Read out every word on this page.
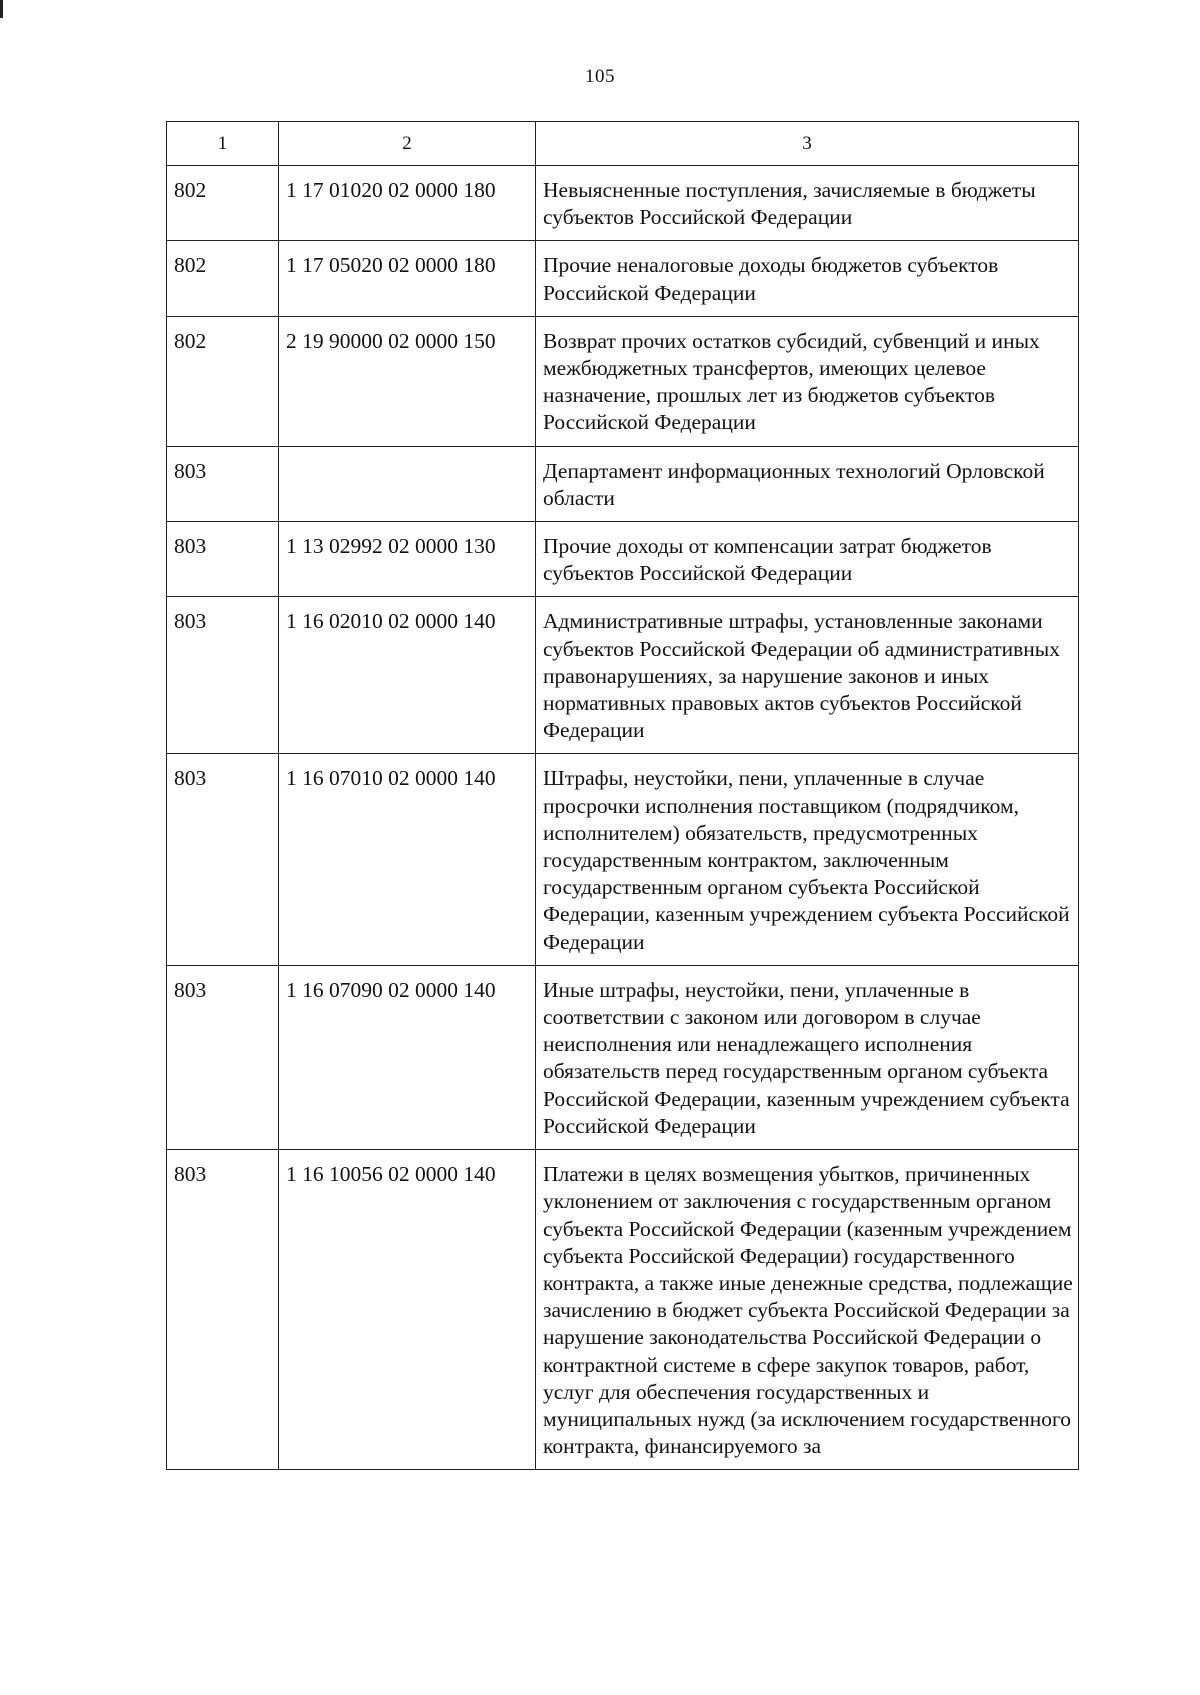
105
1	2	3
802	1 17 01020 02 0000 180	Невыясненные поступления, зачисляемые в бюджеты субъектов Российской Федерации
802	1 17 05020 02 0000 180	Прочие неналоговые доходы бюджетов субъектов Российской Федерации
802	2 19 90000 02 0000 150	Возврат прочих остатков субсидий, субвенций и иных межбюджетных трансфертов, имеющих целевое назначение, прошлых лет из бюджетов субъектов Российской Федерации
803		Департамент информационных технологий Орловской области
803	1 13 02992 02 0000 130	Прочие доходы от компенсации затрат бюджетов субъектов Российской Федерации
803	1 16 02010 02 0000 140	Административные штрафы, установленные законами субъектов Российской Федерации об административных правонарушениях, за нарушение законов и иных нормативных правовых актов субъектов Российской Федерации
803	1 16 07010 02 0000 140	Штрафы, неустойки, пени, уплаченные в случае просрочки исполнения поставщиком (подрядчиком, исполнителем) обязательств, предусмотренных государственным контрактом, заключенным государственным органом субъекта Российской Федерации, казенным учреждением субъекта Российской Федерации
803	1 16 07090 02 0000 140	Иные штрафы, неустойки, пени, уплаченные в соответствии с законом или договором в случае неисполнения или ненадлежащего исполнения обязательств перед государственным органом субъекта Российской Федерации, казенным учреждением субъекта Российской Федерации
803	1 16 10056 02 0000 140	Платежи в целях возмещения убытков, причиненных уклонением от заключения с государственным органом субъекта Российской Федерации (казенным учреждением субъекта Российской Федерации) государственного контракта, а также иные денежные средства, подлежащие зачислению в бюджет субъекта Российской Федерации за нарушение законодательства Российской Федерации о контрактной системе в сфере закупок товаров, работ, услуг для обеспечения государственных и муниципальных нужд (за исключением государственного контракта, финансируемого за
